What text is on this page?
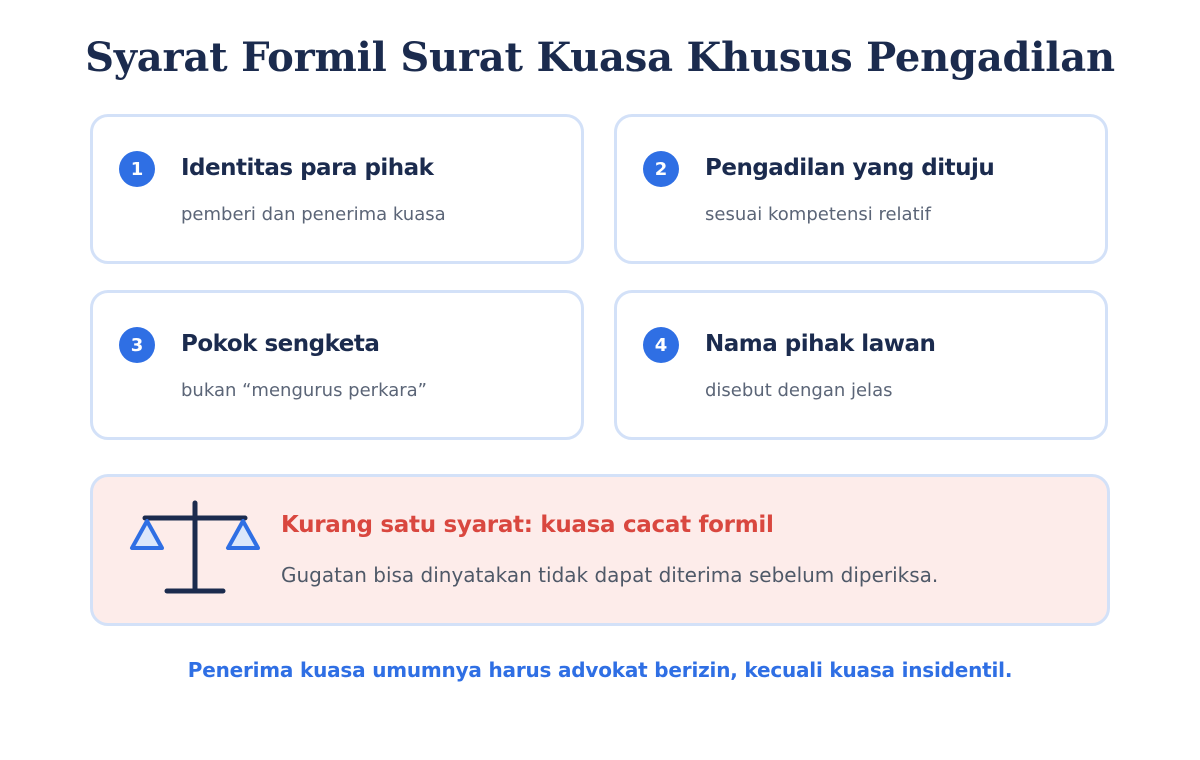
Syarat Formil Surat Kuasa Khusus Pengadilan
1	Identitas para pihak
pemberi dan penerima kuasa
2	Pengadilan yang dituju
sesuai kompetensi relatif
3	Pokok sengketa
bukan “mengurus perkara”
4	Nama pihak lawan
disebut dengan jelas
Kurang satu syarat: kuasa cacat formil
Gugatan bisa dinyatakan tidak dapat diterima sebelum diperiksa.
Penerima kuasa umumnya harus advokat berizin, kecuali kuasa insidentil.
